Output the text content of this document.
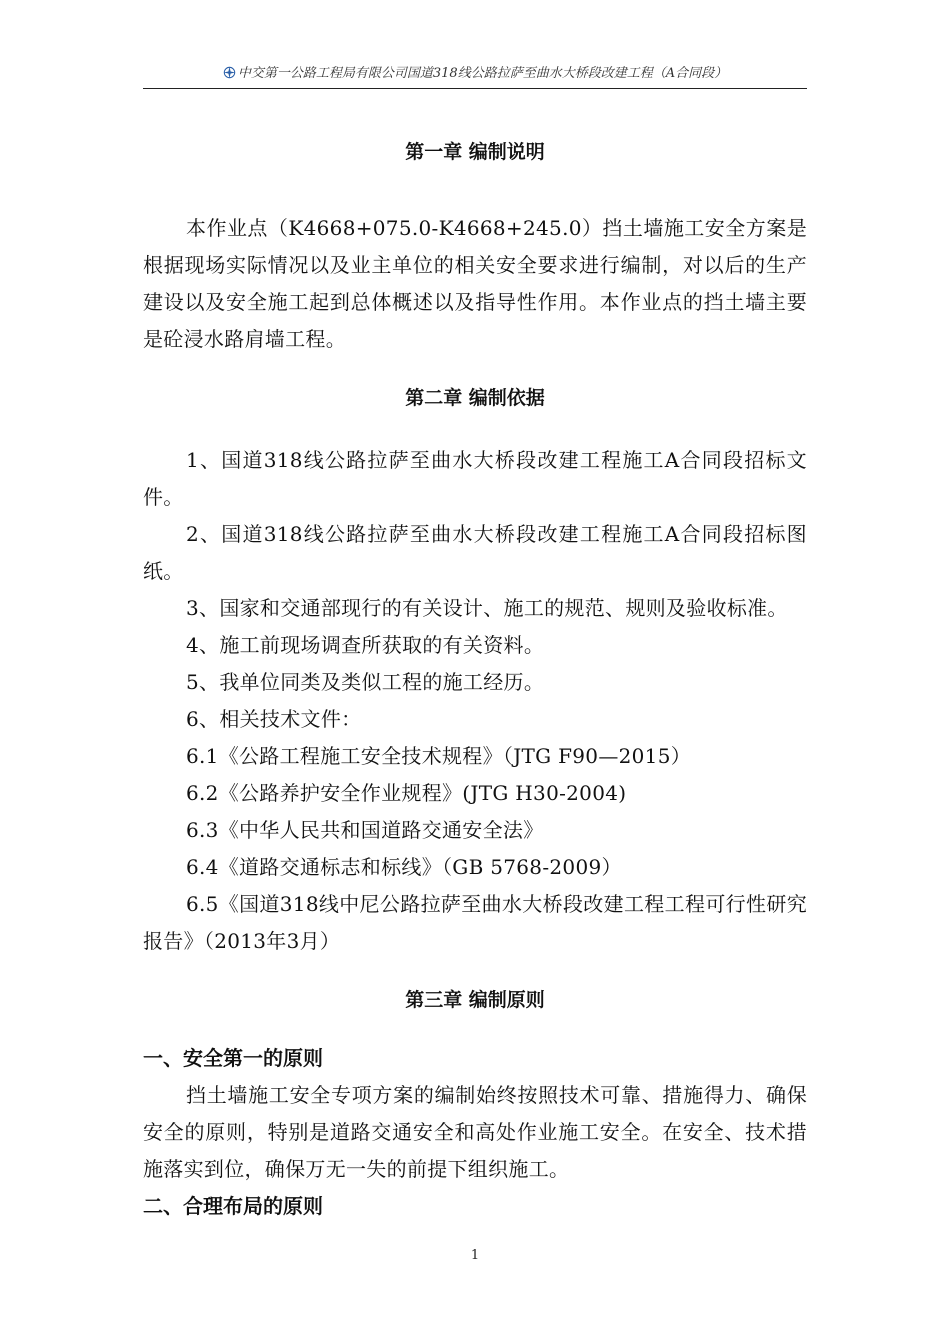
中交第一公路工程局有限公司国道318线公路拉萨至曲水大桥段改建工程（A合同段）
第一章 编制说明
本作业点（K4668+075.0-K4668+245.0）挡土墙施工安全方案是根据现场实际情况以及业主单位的相关安全要求进行编制，对以后的生产建设以及安全施工起到总体概述以及指导性作用。本作业点的挡土墙主要是砼浸水路肩墙工程。
第二章 编制依据
1、国道318线公路拉萨至曲水大桥段改建工程施工A合同段招标文件。
2、国道318线公路拉萨至曲水大桥段改建工程施工A合同段招标图纸。
3、国家和交通部现行的有关设计、施工的规范、规则及验收标准。
4、施工前现场调查所获取的有关资料。
5、我单位同类及类似工程的施工经历。
6、相关技术文件：
6.1《公路工程施工安全技术规程》（JTG F90—2015）
6.2《公路养护安全作业规程》(JTG H30-2004)
6.3《中华人民共和国道路交通安全法》
6.4《道路交通标志和标线》（GB 5768-2009）
6.5《国道318线中尼公路拉萨至曲水大桥段改建工程工程可行性研究报告》（2013年3月）
第三章 编制原则
一、安全第一的原则
挡土墙施工安全专项方案的编制始终按照技术可靠、措施得力、确保安全的原则，特别是道路交通安全和高处作业施工安全。在安全、技术措施落实到位，确保万无一失的前提下组织施工。
二、合理布局的原则
1
